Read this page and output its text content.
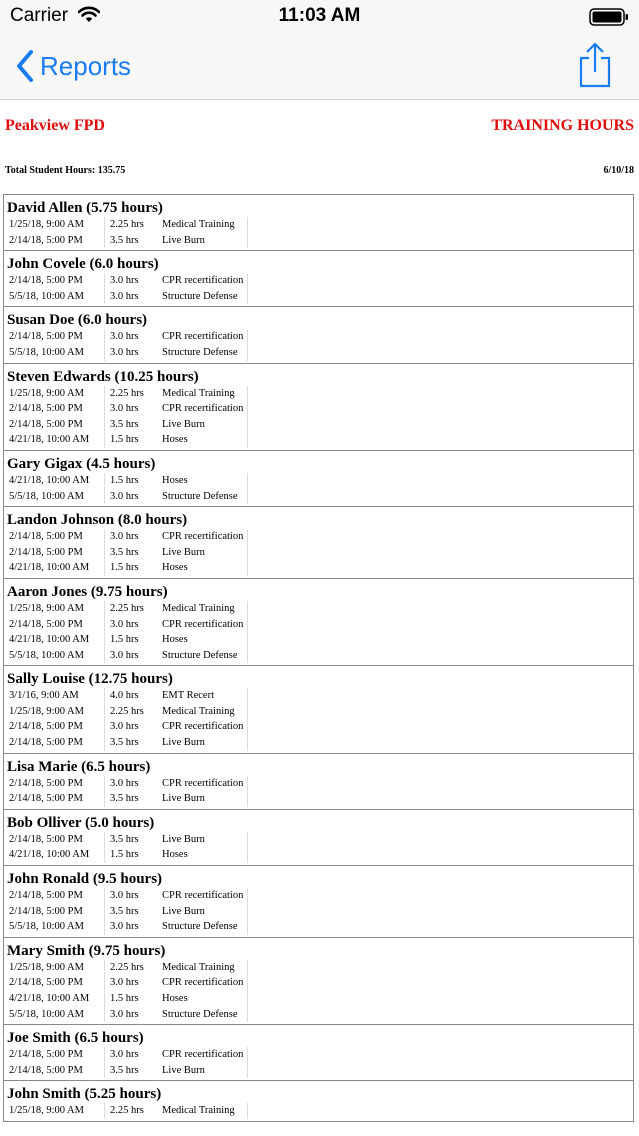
Carrier	11:03 AM
Reports
Peakview FPD	TRAINING HOURS
Total Student Hours: 135.75	6/10/18
David Allen (5.75 hours)
1/25/18, 9:00 AM	2.25 hrs	Medical Training
2/14/18, 5:00 PM	3.5 hrs	Live Burn
John Covele (6.0 hours)
2/14/18, 5:00 PM	3.0 hrs	CPR recertification
5/5/18, 10:00 AM	3.0 hrs	Structure Defense
Susan Doe (6.0 hours)
2/14/18, 5:00 PM	3.0 hrs	CPR recertification
5/5/18, 10:00 AM	3.0 hrs	Structure Defense
Steven Edwards (10.25 hours)
1/25/18, 9:00 AM	2.25 hrs	Medical Training
2/14/18, 5:00 PM	3.0 hrs	CPR recertification
2/14/18, 5:00 PM	3.5 hrs	Live Burn
4/21/18, 10:00 AM	1.5 hrs	Hoses
Gary Gigax (4.5 hours)
4/21/18, 10:00 AM	1.5 hrs	Hoses
5/5/18, 10:00 AM	3.0 hrs	Structure Defense
Landon Johnson (8.0 hours)
2/14/18, 5:00 PM	3.0 hrs	CPR recertification
2/14/18, 5:00 PM	3.5 hrs	Live Burn
4/21/18, 10:00 AM	1.5 hrs	Hoses
Aaron Jones (9.75 hours)
1/25/18, 9:00 AM	2.25 hrs	Medical Training
2/14/18, 5:00 PM	3.0 hrs	CPR recertification
4/21/18, 10:00 AM	1.5 hrs	Hoses
5/5/18, 10:00 AM	3.0 hrs	Structure Defense
Sally Louise (12.75 hours)
3/1/16, 9:00 AM	4.0 hrs	EMT Recert
1/25/18, 9:00 AM	2.25 hrs	Medical Training
2/14/18, 5:00 PM	3.0 hrs	CPR recertification
2/14/18, 5:00 PM	3.5 hrs	Live Burn
Lisa Marie (6.5 hours)
2/14/18, 5:00 PM	3.0 hrs	CPR recertification
2/14/18, 5:00 PM	3.5 hrs	Live Burn
Bob Olliver (5.0 hours)
2/14/18, 5:00 PM	3.5 hrs	Live Burn
4/21/18, 10:00 AM	1.5 hrs	Hoses
John Ronald (9.5 hours)
2/14/18, 5:00 PM	3.0 hrs	CPR recertification
2/14/18, 5:00 PM	3.5 hrs	Live Burn
5/5/18, 10:00 AM	3.0 hrs	Structure Defense
Mary Smith (9.75 hours)
1/25/18, 9:00 AM	2.25 hrs	Medical Training
2/14/18, 5:00 PM	3.0 hrs	CPR recertification
4/21/18, 10:00 AM	1.5 hrs	Hoses
5/5/18, 10:00 AM	3.0 hrs	Structure Defense
Joe Smith (6.5 hours)
2/14/18, 5:00 PM	3.0 hrs	CPR recertification
2/14/18, 5:00 PM	3.5 hrs	Live Burn
John Smith (5.25 hours)
1/25/18, 9:00 AM	2.25 hrs	Medical Training
